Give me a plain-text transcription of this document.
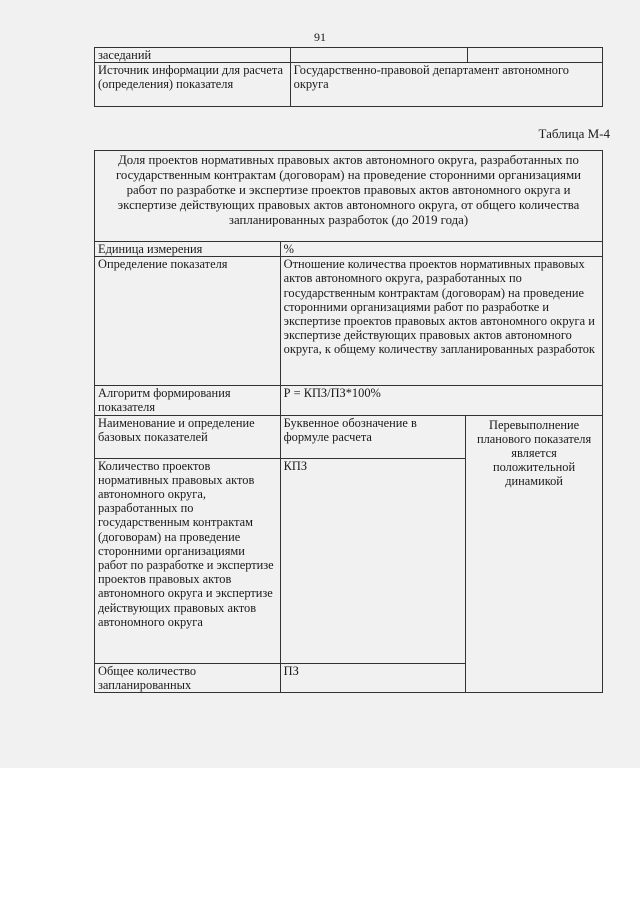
91
заседаний		
Источник информации для расчета (определения) показателя	Государственно-правовой департамент автономного округа	
Таблица М-4
Доля проектов нормативных правовых актов автономного округа, разработанных по государственным контрактам (договорам) на проведение сторонними организациями работ по разработке и экспертизе проектов правовых актов автономного округа и экспертизе действующих правовых актов автономного округа, от общего количества запланированных разработок (до 2019 года)		
Единица измерения	%	
Определение показателя	Отношение количества проектов нормативных правовых актов автономного округа, разработанных по государственным контрактам (договорам) на проведение сторонними организациями работ по разработке и экспертизе проектов правовых актов автономного округа и экспертизе действующих правовых актов автономного округа, к общему количеству запланированных разработок	
Алгоритм формирования показателя	Р = КПЗ/ПЗ*100%	
Наименование и определение базовых показателей	Буквенное обозначение в формуле расчета	Перевыполнение планового показателя является положительной динамикой
Количество проектов нормативных правовых актов автономного округа, разработанных по государственным контрактам (договорам) на проведение сторонними организациями работ по разработке и экспертизе проектов правовых актов автономного округа и экспертизе действующих правовых актов автономного округа	КПЗ	
Общее количество запланированных	ПЗ	
